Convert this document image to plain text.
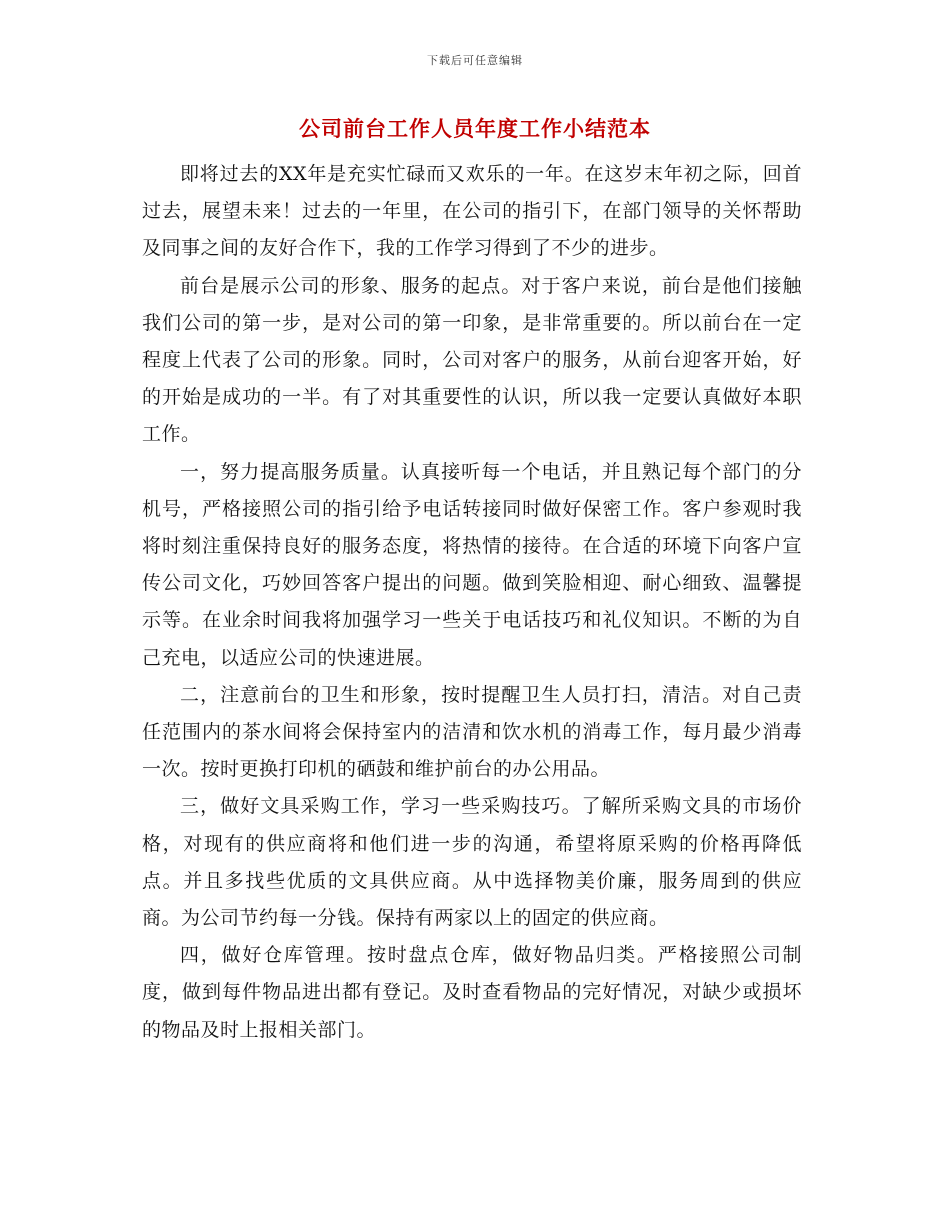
下载后可任意编辑
公司前台工作人员年度工作小结范本

即将过去的XX年是充实忙碌而又欢乐的一年。在这岁末年初之际，回首过去，展望未来！过去的一年里，在公司的指引下，在部门领导的关怀帮助及同事之间的友好合作下，我的工作学习得到了不少的进步。

前台是展示公司的形象、服务的起点。对于客户来说，前台是他们接触我们公司的第一步，是对公司的第一印象，是非常重要的。所以前台在一定程度上代表了公司的形象。同时，公司对客户的服务，从前台迎客开始，好的开始是成功的一半。有了对其重要性的认识，所以我一定要认真做好本职工作。

一，努力提高服务质量。认真接听每一个电话，并且熟记每个部门的分机号，严格接照公司的指引给予电话转接同时做好保密工作。客户参观时我将时刻注重保持良好的服务态度，将热情的接待。在合适的环境下向客户宣传公司文化，巧妙回答客户提出的问题。做到笑脸相迎、耐心细致、温馨提示等。在业余时间我将加强学习一些关于电话技巧和礼仪知识。不断的为自己充电，以适应公司的快速进展。

二，注意前台的卫生和形象，按时提醒卫生人员打扫，清洁。对自己责任范围内的茶水间将会保持室内的洁清和饮水机的消毒工作，每月最少消毒一次。按时更换打印机的硒鼓和维护前台的办公用品。

三，做好文具采购工作，学习一些采购技巧。了解所采购文具的市场价格，对现有的供应商将和他们进一步的沟通，希望将原采购的价格再降低点。并且多找些优质的文具供应商。从中选择物美价廉，服务周到的供应商。为公司节约每一分钱。保持有两家以上的固定的供应商。

四，做好仓库管理。按时盘点仓库，做好物品归类。严格接照公司制度，做到每件物品进出都有登记。及时查看物品的完好情况，对缺少或损坏的物品及时上报相关部门。
